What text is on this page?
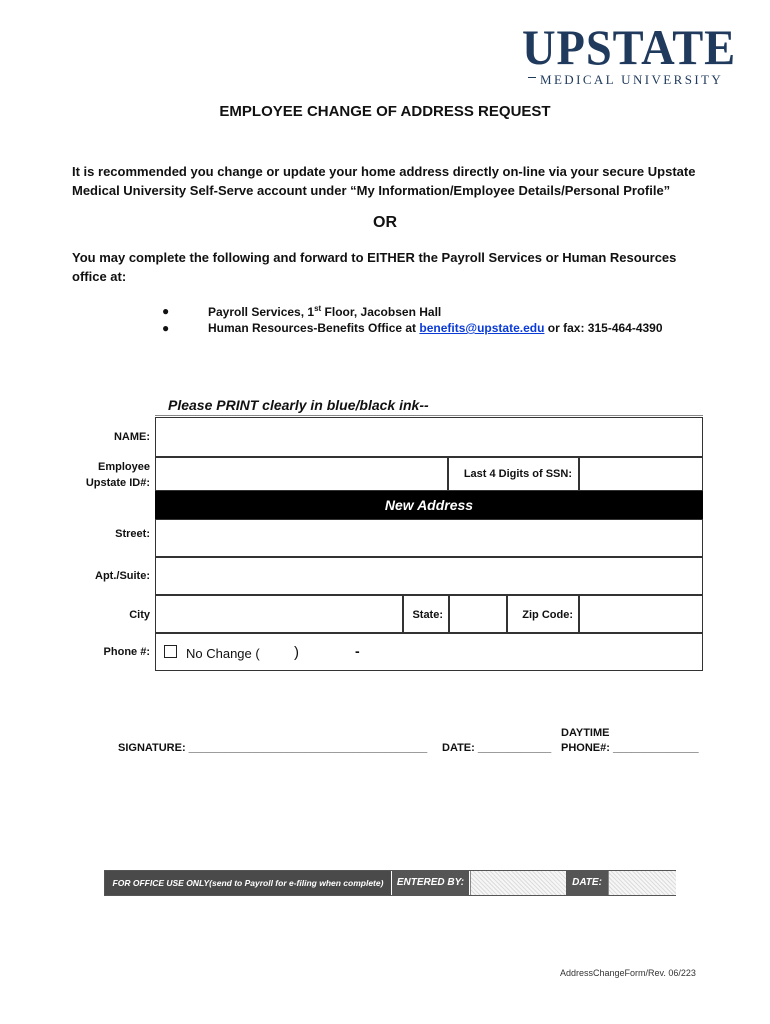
UPSTATE
MEDICAL UNIVERSITY
EMPLOYEE CHANGE OF ADDRESS REQUEST
It is recommended you change or update your home address directly on-line via your secure Upstate
Medical University Self-Serve account under “My Information/Employee Details/Personal Profile”
OR
You may complete the following and forward to EITHER the Payroll Services or Human Resources
office at:
●	Payroll Services, 1st Floor, Jacobsen Hall
●	Human Resources-Benefits Office at benefits@upstate.edu or fax: 315-464-4390
Please PRINT clearly in blue/black ink--
NAME:
Employee
Upstate ID#:
Last 4 Digits of SSN:
New Address
Street:
Apt./Suite:
City	State:	Zip Code:
Phone #:	No Change ( )	-
SIGNATURE: _______________________________________ DATE: ____________
DAYTIME
PHONE#: ______________
FOR OFFICE USE ONLY(send to Payroll for e-filing when complete)	ENTERED BY:	DATE:
AddressChangeForm/Rev. 06/223
